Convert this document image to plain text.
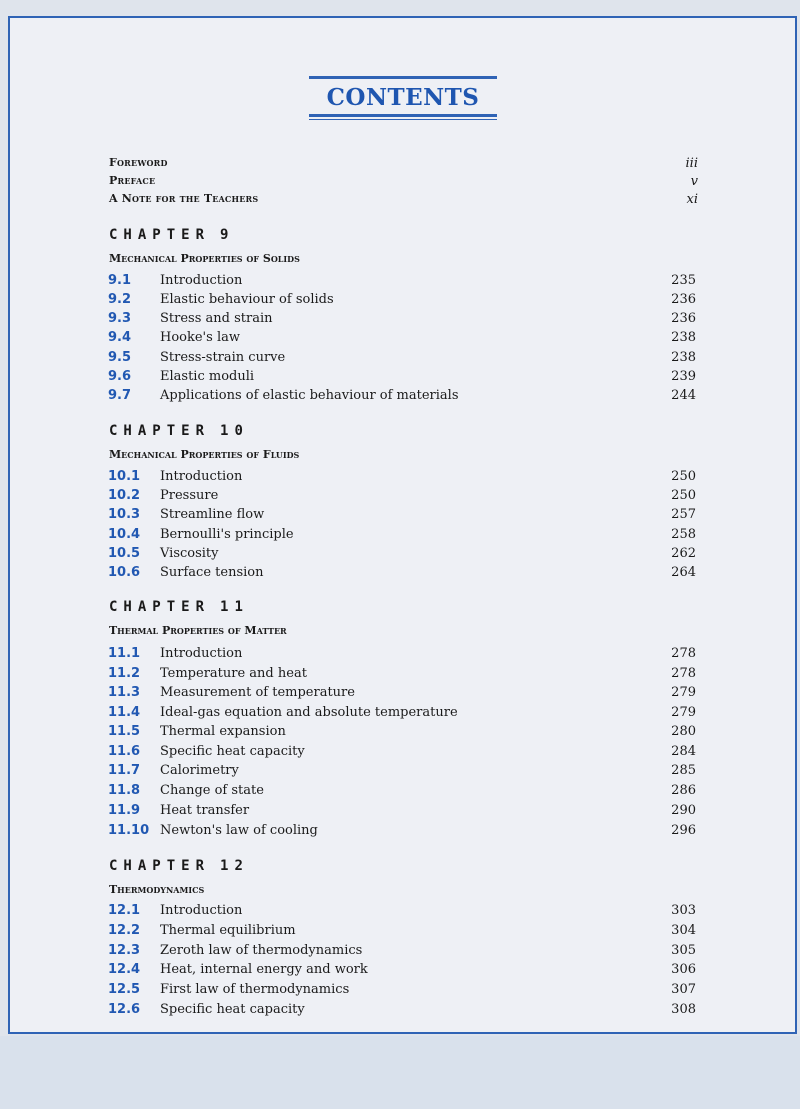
CONTENTS
Foreword	iii
Preface	v
A Note for the Teachers	xi
CHAPTER 9
Mechanical Properties of Solids
9.1 Introduction	235
9.2 Elastic behaviour of solids	236
9.3 Stress and strain	236
9.4 Hooke's law	238
9.5 Stress-strain curve	238
9.6 Elastic moduli	239
9.7 Applications of elastic behaviour of materials	244
CHAPTER 10
Mechanical Properties of Fluids
10.1 Introduction	250
10.2 Pressure	250
10.3 Streamline flow	257
10.4 Bernoulli's principle	258
10.5 Viscosity	262
10.6 Surface tension	264
CHAPTER 11
Thermal Properties of Matter
11.1 Introduction	278
11.2 Temperature and heat	278
11.3 Measurement of temperature	279
11.4 Ideal-gas equation and absolute temperature	279
11.5 Thermal expansion	280
11.6 Specific heat capacity	284
11.7 Calorimetry	285
11.8 Change of state	286
11.9 Heat transfer	290
11.10 Newton's law of cooling	296
CHAPTER 12
Thermodynamics
12.1 Introduction	303
12.2 Thermal equilibrium	304
12.3 Zeroth law of thermodynamics	305
12.4 Heat, internal energy and work	306
12.5 First law of thermodynamics	307
12.6 Specific heat capacity	308
